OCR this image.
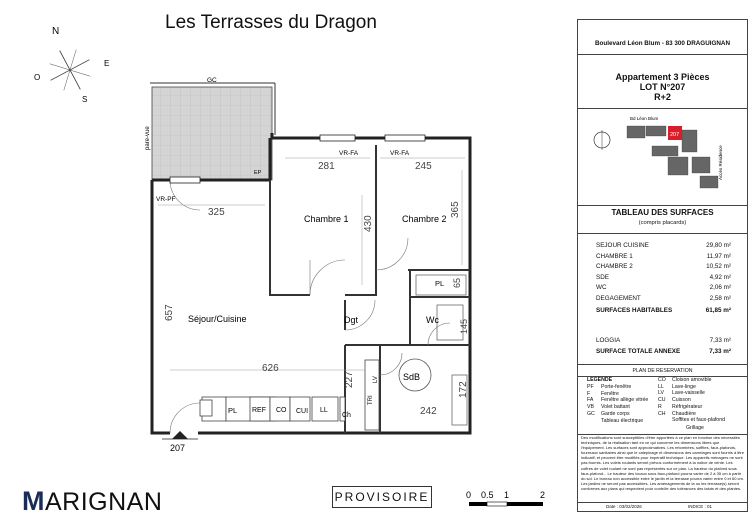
Les Terrasses du Dragon
N
E
O
S
GC
pare-vue
EP
VR-PF
VR-FA	VR-FA
281	245
325
430
365
657
626
227
172
242
65
145
Chambre 1	Chambre 2
Séjour/Cuisine	Dgt	Wc
SdB
PL
PL REF CO CUI LL
Ch
LV
TRI
207
Boulevard Léon Blum - 83 300 DRAGUIGNAN
Appartement 3 Pièces
LOT N°207
R+2
Bd Léon Blum
207
Accès Résidence
TABLEAU DES SURFACES
(compris placards)
SEJOUR CUISINE	29,80 m²
CHAMBRE 1	11,97 m²
CHAMBRE 2	10,52 m²
SDE	4,92 m²
WC	2,06 m²
DEGAGEMENT	2,58 m²
SURFACES HABITABLES	61,85 m²
LOGGIA	7,33 m²
SURFACE TOTALE ANNEXE	7,33 m²
PLAN DE RESERVATION
LEGENDE
PF Porte-fenêtre
F Fenêtre
FA Fenêtre allège vitrée
VB Volet battant
GC Garde corps
Tableau électrique
CO Cloison amovible
LL Lave-linge
LV Lave-vaisselle
CU Cuisson
R Réfrigérateur
CH Chaudière
Soffites et faux-plafond
Grillage
Des modifications sont susceptibles d'être apportées à ce plan en fonction des nécessités techniques, de la réalisation tant en ce qui concerne les dimensions libres que l'équipement. Les surfaces sont approximatives. Les retombées, soffites, faux-plafonds, fourreaux sanitaires ainsi que le calepinage et dimensions des carrelages sont fournis à titre indicatif, et peuvent être modifiés pour impératif technique. Les appareils ménagers ne sont pas fournis. Les volets roulants seront prévus conformément à la notice de vente. Les coffres de volet roulant ne sont pas représentés sur ce plan. La hauteur du plafond sous faux-plafond... Le hauteur des locaux sous faux-plafond pourra varier de 2 à 35 cm à partir du sol. Le bureau non accessible entre le jardin et la terrasse pourra varier entre 0 et 60 cm. Les jardins ne seront pas accessibles. Les aménagements de la ou les terrasse(s) seront conformes aux plans qui respectent pour contrôle des tolérances des taluts et des plantes.
Date : 03/02/2026	INDICE : 01
MARIGNAN	PROVISOIRE	0 0.5 1	2
